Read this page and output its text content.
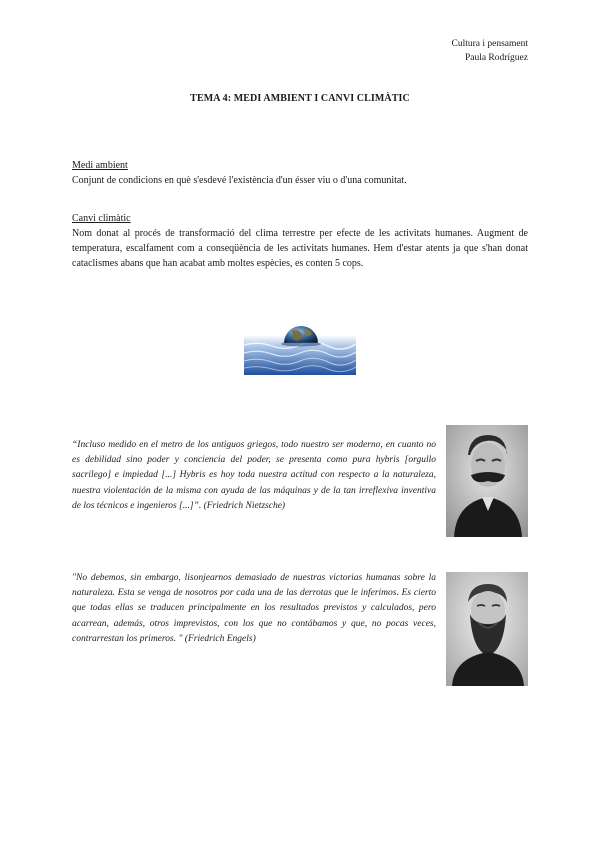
Cultura i pensament
Paula Rodríguez
TEMA 4: MEDI AMBIENT I CANVI CLIMÀTIC
Medi ambient
Conjunt de condicions en què s'esdevé l'existència d'un ésser viu o d'una comunitat.
Canvi climàtic
Nom donat al procés de transformació del clima terrestre per efecte de les activitats humanes. Augment de temperatura, escalfament com a conseqüència de les activitats humanes. Hem d'estar atents ja que s'han donat cataclismes abans que han acabat amb moltes espècies, es conten 5 cops.
“Incluso medido en el metro de los antiguos griegos, todo nuestro ser moderno, en cuanto no es debilidad sino poder y conciencia del poder, se presenta como pura hybris [orgullo sacrílego] e impiedad [...] Hybris es hoy toda nuestra actitud con respecto a la naturaleza, nuestra violentación de la misma con ayuda de las máquinas y de la tan irreflexiva inventiva de los técnicos e ingenieros [...]”. (Friedrich Nietzsche)
"No debemos, sin embargo, lisonjearnos demasiado de nuestras victorias humanas sobre la naturaleza. Esta se venga de nosotros por cada una de las derrotas que le inferimos. Es cierto que todas ellas se traducen principalmente en los resultados previstos y calculados, pero acarrean, además, otros imprevistos, con los que no contábamos y que, no pocas veces, contrarrestan los primeros. " (Friedrich Engels)
